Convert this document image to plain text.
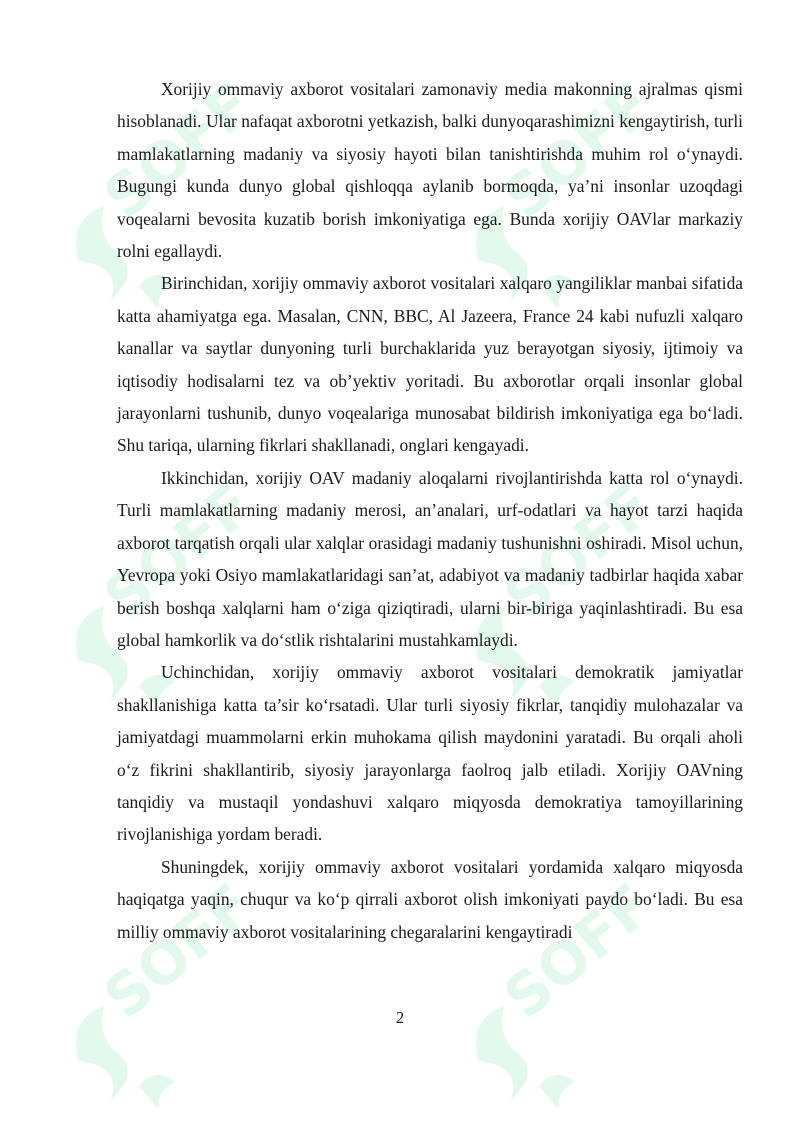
SOFF

Xorijiy ommaviy axborot vositalari zamonaviy media makonning ajralmas qismi hisoblanadi. Ular nafaqat axborotni yetkazish, balki dunyoqarashimizni kengaytirish, turli mamlakatlarning madaniy va siyosiy hayoti bilan tanishtirishda muhim rol oʻynaydi. Bugungi kunda dunyo global qishloqqa aylanib bormoqda, ya’ni insonlar uzoqdagi voqealarni bevosita kuzatib borish imkoniyatiga ega. Bunda xorijiy OAVlar markaziy rolni egallaydi.

Birinchidan, xorijiy ommaviy axborot vositalari xalqaro yangiliklar manbai sifatida katta ahamiyatga ega. Masalan, CNN, BBC, Al Jazeera, France 24 kabi nufuzli xalqaro kanallar va saytlar dunyoning turli burchaklarida yuz berayotgan siyosiy, ijtimoiy va iqtisodiy hodisalarni tez va ob’yektiv yoritadi. Bu axborotlar orqali insonlar global jarayonlarni tushunib, dunyo voqealariga munosabat bildirish imkoniyatiga ega boʻladi. Shu tariqa, ularning fikrlari shakllanadi, onglari kengayadi.

Ikkinchidan, xorijiy OAV madaniy aloqalarni rivojlantirishda katta rol oʻynaydi. Turli mamlakatlarning madaniy merosi, an’analari, urf-odatlari va hayot tarzi haqida axborot tarqatish orqali ular xalqlar orasidagi madaniy tushunishni oshiradi. Misol uchun, Yevropa yoki Osiyo mamlakatlaridagi san’at, adabiyot va madaniy tadbirlar haqida xabar berish boshqa xalqlarni ham oʻziga qiziqtiradi, ularni bir-biriga yaqinlashtiradi. Bu esa global hamkorlik va doʻstlik rishtalarini mustahkamlaydi.

Uchinchidan, xorijiy ommaviy axborot vositalari demokratik jamiyatlar shakllanishiga katta ta’sir koʻrsatadi. Ular turli siyosiy fikrlar, tanqidiy mulohazalar va jamiyatdagi muammolarni erkin muhokama qilish maydonini yaratadi. Bu orqali aholi oʻz fikrini shakllantirib, siyosiy jarayonlarga faolroq jalb etiladi. Xorijiy OAVning tanqidiy va mustaqil yondashuvi xalqaro miqyosda demokratiya tamoyillarining rivojlanishiga yordam beradi.

Shuningdek, xorijiy ommaviy axborot vositalari yordamida xalqaro miqyosda haqiqatga yaqin, chuqur va koʻp qirrali axborot olish imkoniyati paydo boʻladi. Bu esa milliy ommaviy axborot vositalarining chegaralarini kengaytiradi

2
